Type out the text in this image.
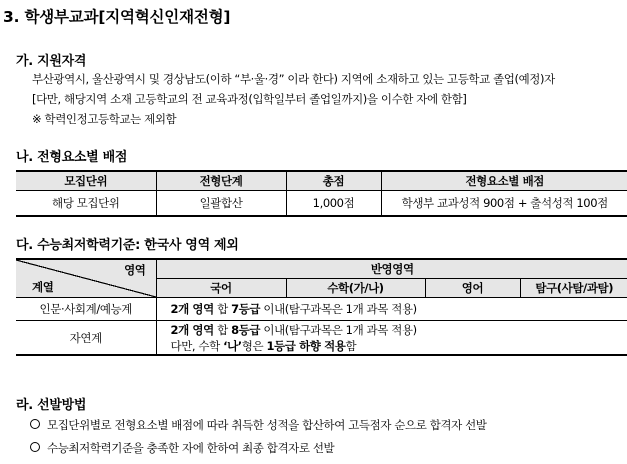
3. 학생부교과[지역혁신인재전형]
가. 지원자격
부산광역시, 울산광역시 및 경상남도(이하 “부·울·경” 이라 한다) 지역에 소재하고 있는 고등학교 졸업(예정)자
[다만, 해당지역 소재 고등학교의 전 교육과정(입학일부터 졸업일까지)을 이수한 자에 한함]
※ 학력인정고등학교는 제외함
나. 전형요소별 배점
모집단위	전형단계	총점	전형요소별 배점
해당 모집단위	일괄합산	1,000점	학생부 교과성적 900점 + 출석성적 100점
다. 수능최저학력기준: 한국사 영역 제외
영역
계열	반영영역			
	국어	수학(가/나)	영어	탐구(사탐/과탐)
인문·사회계/예능계	2개 영역 합 7등급 이내(탐구과목은 1개 과목 적용)			
자연계	2개 영역 합 8등급 이내(탐구과목은 1개 과목 적용)
다만, 수학 ‘나’형은 1등급 하향 적용함			
라. 선발방법
모집단위별로 전형요소별 배점에 따라 취득한 성적을 합산하여 고득점자 순으로 합격자 선발
수능최저학력기준을 충족한 자에 한하여 최종 합격자로 선발
